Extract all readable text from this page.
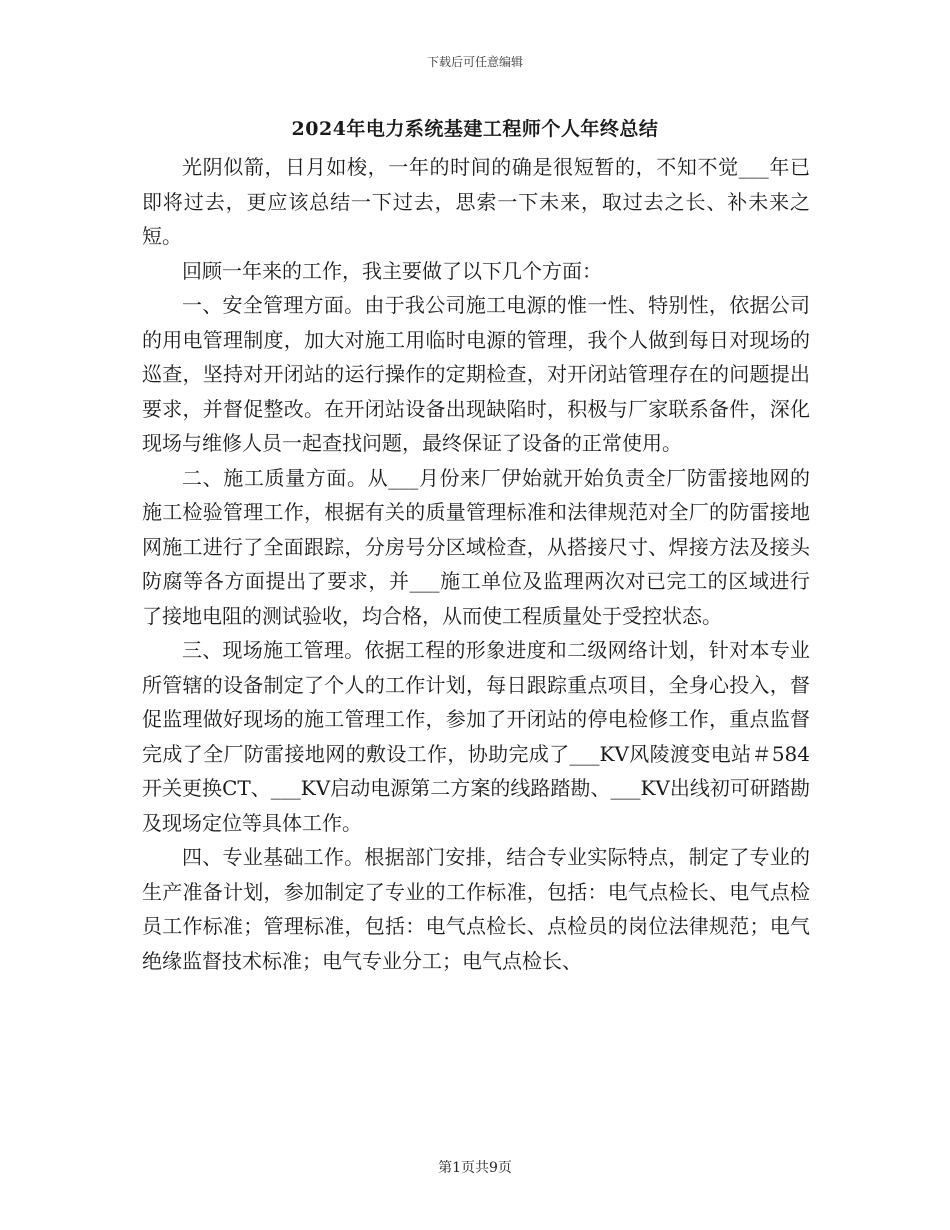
下载后可任意编辑
2024年电力系统基建工程师个人年终总结

光阴似箭，日月如梭，一年的时间的确是很短暂的，不知不觉___年已即将过去，更应该总结一下过去，思索一下未来，取过去之长、补未来之短。

回顾一年来的工作，我主要做了以下几个方面：

一、安全管理方面。由于我公司施工电源的惟一性、特别性，依据公司的用电管理制度，加大对施工用临时电源的管理，我个人做到每日对现场的巡查，坚持对开闭站的运行操作的定期检查，对开闭站管理存在的问题提出要求，并督促整改。在开闭站设备出现缺陷时，积极与厂家联系备件，深化现场与维修人员一起查找问题，最终保证了设备的正常使用。

二、施工质量方面。从___月份来厂伊始就开始负责全厂防雷接地网的施工检验管理工作，根据有关的质量管理标准和法律规范对全厂的防雷接地网施工进行了全面跟踪，分房号分区域检查，从搭接尺寸、焊接方法及接头防腐等各方面提出了要求，并___施工单位及监理两次对已完工的区域进行了接地电阻的测试验收，均合格，从而使工程质量处于受控状态。

三、现场施工管理。依据工程的形象进度和二级网络计划，针对本专业所管辖的设备制定了个人的工作计划，每日跟踪重点项目，全身心投入，督促监理做好现场的施工管理工作，参加了开闭站的停电检修工作，重点监督完成了全厂防雷接地网的敷设工作，协助完成了___KV风陵渡变电站＃584开关更换CT、___KV启动电源第二方案的线路踏勘、___KV出线初可研踏勘及现场定位等具体工作。

四、专业基础工作。根据部门安排，结合专业实际特点，制定了专业的生产准备计划，参加制定了专业的工作标准，包括：电气点检长、电气点检员工作标准；管理标准，包括：电气点检长、点检员的岗位法律规范；电气绝缘监督技术标准；电气专业分工；电气点检长、

第1页共9页
